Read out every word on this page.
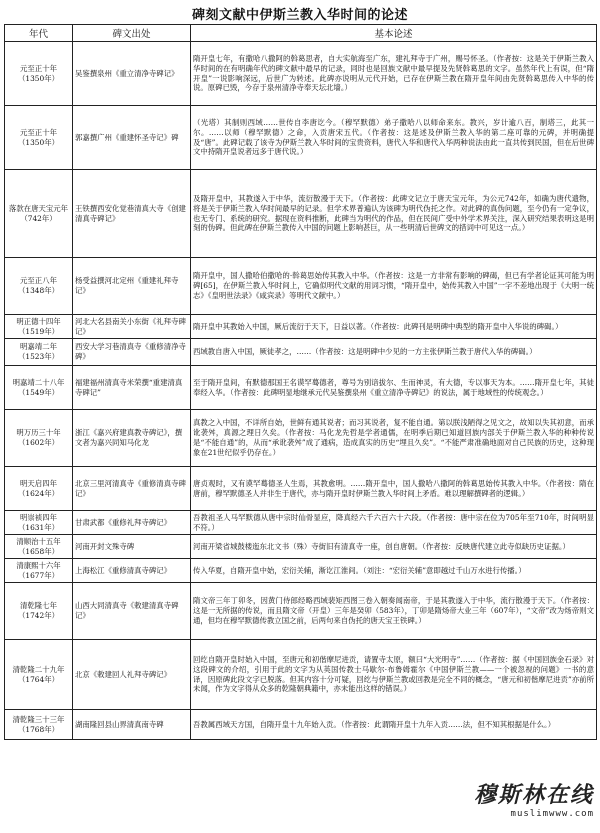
碑刻文献中伊斯兰教入华时间的论述
年代	碑文出处	基本论述
元至正十年（1350年）	吴鉴撰泉州《重立清净寺碑记》	隋开皇七年，有撒哈八撒阿的斡葛思者，自大实航海至广东，建礼拜寺于广州，赐号怀圣。（作者按：这是关于伊斯兰教入华时间的在有明确年代的碑文献中最早的记录，同时也是回族文献中最早提及先贤斡葛思的文字。虽然年代上有误，但“隋开皇”一说影响深远，后世广为转述。此碑亦说明从元代开始，已存在伊斯兰教在隋开皇年间由先贤斡葛思传入中华的传说。原碑已毁，今存于泉州清净寺奉天坛北墙。）
元至正十年（1350年）	郭嘉撰广州《重建怀圣寺记》碑	（光塔）其制则西域……世传自李唐讫今。（穆罕默德）弟子撒哈八以师命来东。教兴，岁计逾八百，制塔三，此其一尔。……以师（穆罕默德）之命，入贡唐宋五代。（作者按：这是述及伊斯兰教入华的第二座可靠的元碑，并明确提及“唐”。此碑记载了该寺为伊斯兰教入华时间的宝贵资料，唐代入华和唐代入华两种说法由此一直共传到民国，但在后世碑文中持隋开皇说者远多于唐代说。）
落款在唐天宝元年（742年）	王铁撰西安化觉巷清真大寺《创建清真寺碑记》	及隋开皇中，其教遂入于中华，流衍散漫于天下。（作者按：此碑文记立于唐天宝元年，为公元742年，如确为唐代遗物，将是关于伊斯兰教入华时间最早的记录。但学术界普遍认为该碑为明代伪托之作。对此碑的真伪问题，至今仍有一定争议，也无专门、系统的研究。据现在资料推断，此碑当为明代的作品，但在民间广受中外学术界关注，深入研究结果表明这是明刻的伪碑。但此碑在伊斯兰教传入中国的问题上影响甚巨，从一些明清后世碑文的措词中可见这一点。）
元至正八年（1348年）	杨受益撰河北定州《重建礼拜寺记》	隋开皇中，国人撒哈伯撒哈的·斡葛思始传其教入中华。（作者按：这是一方非常有影响的碑碣，但已有学者论证其可能为明碑[65]，在伊斯兰教入华时间上，它确似明代文献的用词习惯，“隋开皇中，始传其教入中国”一字不差地出现于《大明一统志》《皇明世法录》《咸宾录》等明代文献中。）
明正德十四年（1519年）	河北大名县南关小东街《礼拜寺碑记》	隋开皇中其教始入中国，厥后流衍于天下，日益以著。（作者按：此碑刊是明碑中典型的隋开皇中入华说的碑碣。）
明嘉靖二年（1523年）	西安大学习巷清真寺《重修清净寺碑》	西域教自唐入中国，厥徒孝之，……（作者按：这是明碑中少见的一方主张伊斯兰教于唐代入华的碑碣。）
明嘉靖二十八年（1549年）	福建福州清真寺米荣撰“重建清真寺碑记”	至于隋开皇间，有默德那国王名谟罕蓦德者，尊号为别谙拔尔、生而神灵，有大德，专以事天为本。……隋开皇七年，其徒奉经入华。（作者按：此碑明显地继承元代吴鉴撰泉州《重立清净寺碑记》的说法，属于地域性的传统观念。）
明万历三十年（1602年）	浙江《嘉兴府建真教寺碑记》，撰文者为嘉兴同知马化龙	真教之入中国，不详所自始，世鲜有通其说者；而习其说者，复不能自通。第以朕浅陋得之见文之，故知以失其初意，而承讹袭舛，真源之理日久矣。（作者按：马化龙先哲是学者通儒，在明季后期已知道回族内部关于伊斯兰教入华的种种传说是“不能自通”的，从而“承讹袭舛”成了通病，造成真实的历史“埋且久矣”。“不能严肃准确地面对自己民族的历史，这种现象在21世纪似乎仍存在。）
明天启四年（1624年）	北京三里河清真寺《重修清真寺碑记》	唐贞观时，又有谟罕蓦德圣人生焉，其教愈明。……隋开皇中，国人撒哈八撒阿的斡葛思始传其教入中华。（作者按：隋在唐前，穆罕默德圣人并非生于唐代，亦与隋开皇时伊斯兰教入华时间上矛盾。难以理解撰碑者的逻辑。）
明崇祯四年（1631年）	甘肃武都《重修礼拜寺碑记》	吾教祖圣人马罕默德从唐中宗时仙骨显应，降真经六千六百六十六段。（作者按：唐中宗在位为705年至710年，时间明显不符。）
清顺治十五年（1658年）	河南开封文殊寺碑	河南开梁省城鼓楼迤东北文书（殊）寺街旧有清真寺一座，创自唐朝。（作者按：反映唐代建立此寺似缺历史证据。）
清康熙十六年（1677年）	上海松江《重修清真寺碑记》	传入华夏，自隋开皇中始，宏衍关辅，渐讫江淮间。（刘注：“宏衍关辅”意即越过千山万水进行传播。）
清乾隆七年（1742年）	山西大同清真寺《敕建清真寺碑记》	隋文帝三年丁卯冬，因黄门侍郎经略西域裴矩西图三卷入朝奏闻南帝，于是其教遂入于中华，流行散漫于天下。（作者按：这是一无所据的传说，而且隋文帝（开皇）三年是癸卯（583年），丁卯是隋炀帝大业三年（607年），“文帝”改为炀帝则文通，但均在穆罕默德传教立国之前，后两句来自伪托的唐天宝王铁碑。）
清乾隆二十九年（1764年）	北京《敕建回人礼拜寺碑记》	回纥自隋开皇时始入中国，至唐元和初偕摩尼进贡，请置寺太原，额曰“大光明寺”……（作者按：据《中国回族金石录》对这段碑文的介绍，引用于此的文字为从英国传教士马歇尔·布鲁姆霍尔《中国伊斯兰教——一个被忽视的问题》一书的意译，因原碑此段文字已脱落。但其内容十分可疑，回纥与伊斯兰教或回教是完全不同的概念，“唐元和初偕摩尼进贡”亦前所未闻，作为文字得从众多的乾隆朝典籍中，亦未能出这样的错误。）
清乾隆三十三年（1768年）	湖南隆回县山界清真南寺碑	吾教属西域天方国，自隋开皇十九年始入贡。（作者按：此谓隋开皇十九年入贡……法，但不知其根据是什么。）
穆斯林在线
muslimwww.com
